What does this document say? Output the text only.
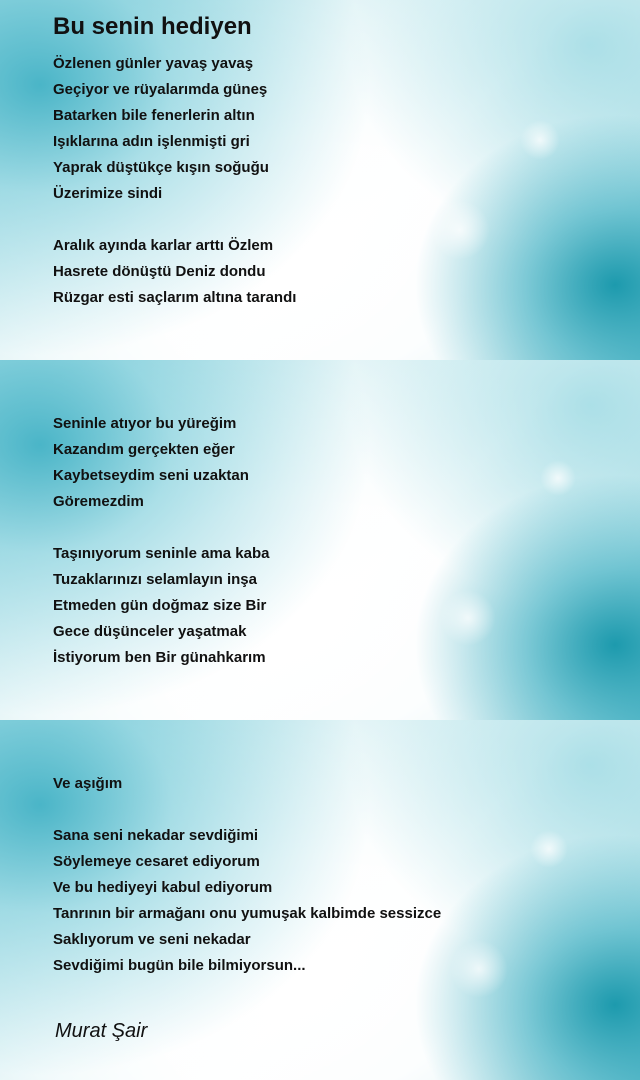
Bu senin hediyen
Özlenen günler yavaş yavaş
Geçiyor ve rüyalarımda güneş
Batarken bile fenerlerin altın
Işıklarına adın işlenmişti gri
Yaprak düştükçe kışın soğuğu
Üzerimize sindi
Aralık ayında karlar arttı Özlem
Hasrete dönüştü Deniz dondu
Rüzgar esti saçlarım altına tarandı
Seninle atıyor bu yüreğim
Kazandım gerçekten eğer
Kaybetseydim seni uzaktan
Göremezdim
Taşınıyorum seninle ama kaba
Tuzaklarınızı selamlayın inşa
Etmeden gün doğmaz size Bir
Gece düşünceler yaşatmak
İstiyorum ben Bir günahkarım
Ve aşığım
Sana seni nekadar sevdiğimi
Söylemeye cesaret ediyorum
Ve bu hediyeyi kabul ediyorum
Tanrının bir armağanı onu yumuşak kalbimde sessizce
Saklıyorum ve seni nekadar
Sevdiğimi bugün bile bilmiyorsun...
Murat Şair
